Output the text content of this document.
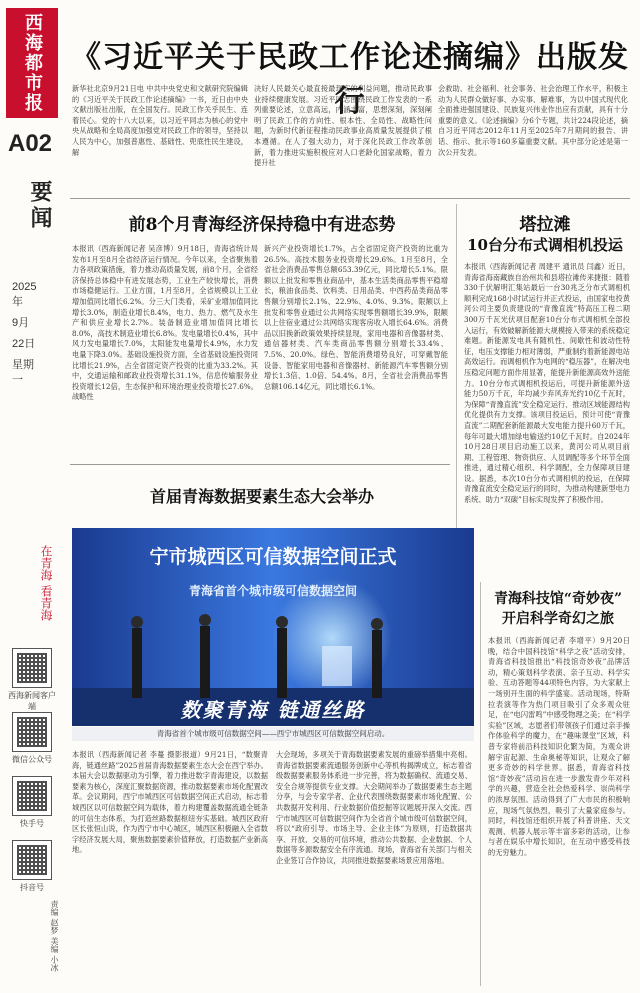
西海都市报
A02
要闻
2025年
9月
22日
星期一
在青海 看青海
西海新闻客户端
微信公众号
快手号
抖音号
责编 赵梦 美编 小冰
《习近平关于民政工作论述摘编》出版发行
新华社北京9月21日电 中共中央党史和文献研究院编辑的《习近平关于民政工作论述摘编》一书，近日由中央文献出版社出版，在全国发行。民政工作关乎民生、连着民心。党的十八大以来，以习近平同志为核心的党中央从战略和全局高度加强党对民政工作的领导，坚持以人民为中心，加强普惠性、基础性、兜底性民生建设，解
决好人民最关心最直接最现实的利益问题，推动民政事业持续健康发展。习近平同志围绕民政工作发表的一系列重要论述，立意高远，内涵丰富，思想深刻，深刻阐明了民政工作的方向性、根本性、全局性、战略性问题，为新时代新征程推动民政事业高质量发展提供了根本遵循。在人了强大动力，对于深化民政工作改革创新，着力推进实施积极应对人口老龄化国家战略，着力提升社
会救助、社会福利、社会事务、社会治理工作水平，积极主动为人民群众做好事、办实事、解难事，为以中国式现代化全面推进强国建设、民族复兴伟业作出应有贡献，具有十分重要的意义。《论述摘编》分6个专题，共计224段论述，摘自习近平同志2012年11月至2025年7月期间的报告、讲话、指示、批示等160多篇重要文献。其中部分论述是第一次公开发表。
前8个月青海经济保持稳中有进态势
本报讯（西海新闻记者 吴彦博）9月18日，青海省统计局发布1月至8月全省经济运行情况。今年以来，全省聚焦着力各项政策措施，着力推动高质量发展，前8个月，全省经济保持总体稳中有进发展态势，工业生产较快增长，消费市场稳健运行。工业方面，1月至8月，全省规模以上工业增加值同比增长6.2%。分三大门类看，采矿业增加值同比增长3.0%，制造业增长8.4%，电力、热力、燃气及水生产和供应业增长2.7%。装备制造业增加值同比增长8.0%，高技术制造业增长6.8%。发电量增长0.4%，其中风力发电量增长7.0%，太阳能发电量增长4.9%，水力发电量下降3.0%。基础设施投资方面，全省基础设施投资同比增长21.9%，占全省固定资产投资的比重为33.2%。其中，交通运输和邮政业投资增长31.1%，信息传输服务业投资增长12倍，生态保护和环境治理业投资增长27.6%。战略性
新兴产业投资增长1.7%，占全省固定资产投资的比重为26.5%。高技术服务业投资增长29.6%。1月至8月，全省社会消费品零售总额653.39亿元，同比增长5.1%。限额以上批发和零售业商品中，基本生活类商品零售平稳增长，粮油食品类、饮料类、日用品类、中西药品类商品零售额分别增长2.1%、22.9%、4.0%、9.3%。限额以上批发和零售业通过公共网络实现零售额增长39.9%，限额以上住宿业通过公共网络实现客房收入增长64.6%。消费品以旧换新政策效果持续显现，家用电器和音像器材类、通信器材类、汽车类商品零售额分别增长33.4%、7.5%、20.0%。绿色、智能消费增势良好，可穿戴智能设备、智能家用电器和音像器材、新能源汽车零售额分别增长1.3倍、1.0倍、54.4%。8月，全省社会消费品零售总额106.14亿元，同比增长6.1%。
塔拉滩
10台分布式调相机投运
本报讯（西海新闻记者 周建平 通讯员 闫鑫）近日，青海省海南藏族自治州共和县塔拉滩传来捷报：随着330千伏解明汇集站最后一台30兆乏分布式调相机顺利完成168小时试运行并正式投运，由国家电投黄河公司主要负责建设的“青豫直流”特高压工程二期300万千瓦光伏项目配套10台分布式调相机全部投入运行，有效破解新能源大规模接入带来的系统稳定难题。新能源发电具有随机性、间歇性和波动性特征，电压支撑能力相对薄弱，严重制约着新能源电站高效运行。而调相机作为电网的“稳压器”，在解决电压稳定问题方面作用显著，能提升新能源高效外送能力。10台分布式调相机投运后，可提升新能源外送能力50万千瓦，年均减少弃风弃光约10亿千瓦时，为保障“青豫直流”安全稳定运行、推动区域能源结构优化提供有力支撑。该项目投运后，预计可使“青豫直流”二期配套新能源最大发电能力提升60万千瓦，每年可最大增加绿电输送约10亿千瓦时。自2024年10月28日项目启动施工以来，黄河公司从项目前期、工程管理、物资供应、人员调配等多个环节全面推进，通过精心组织、科学调配，全力保障项目建设。据悉，本次10台分布式调相机的投运，在保障青豫直流安全稳定运行的同时，为推动构建新型电力系统、助力“双碳”目标实现发挥了积极作用。
首届青海数据要素生态大会举办
宁市城西区可信数据空间正式
青海省首个城市级可信数据空间
数聚青海 链通丝路
青海省首个城市级可信数据空间——西宁市城西区可信数据空间启动。
本报讯（西海新闻记者 李蔓 摄影报道）9月21日，“数聚青海，链通丝路”2025首届青海数据要素生态大会在西宁举办。本届大会以数据驱动为引擎，着力推进数字青海建设，以数据要素为核心，深度汇聚数据资源，推动数据要素市场化配置改革。会议期间，西宁市城西区可信数据空间正式启动，标志着城西区以可信数据空间为载体，着力构建覆盖数据流通全链条的可信生态体系，为打造丝路数据枢纽夯实基础。城西区政府区长张恒山说，作为西宁市中心城区，城西区积极融入全省数字经济发展大局，聚焦数据要素价值释放，打造数据产业新高地。
大会现场，多项关于青海数据要素发展的重磅举措集中亮相。青海省数据要素流通服务创新中心等机构揭牌成立，标志着省级数据要素服务体系进一步完善，将为数据确权、流通交易、安全合规等提供专业支撑。大会期间举办了数据要素生态主题分享，与会专家学者、企业代表围绕数据要素市场化配置、公共数据开发利用、行业数据价值挖掘等议题展开深入交流。西宁市城西区可信数据空间作为全省首个城市级可信数据空间，将以“政府引导、市场主导、企业主体”为原则，打造数据共享、开放、交易的可信环境，推动公共数据、企业数据、个人数据等多源数据安全有序流通。现场，青海省有关部门与相关企业签订合作协议，共同推进数据要素场景应用落地。
青海科技馆“奇妙夜”
开启科学奇幻之旅
本报讯（西海新闻记者 李增平）9月20日晚，结合中国科技馆“科学之夜”活动安排，青海省科技馆推出“科技馆奇妙夜”品牌活动，精心策划科学表演、亲子互动、科学实验、互动答题等44项特色内容，为大家献上一场别开生面的科学盛宴。活动现场，特斯拉表演等作为热门项目吸引了众多观众驻足，在“电闪雷鸣”中感受物理之美；在“科学实验”区域，志愿者们带领孩子们通过亲手操作体验科学的魔力，在“趣味课堂”区域，科普专家将前沿科技知识化繁为简，为观众讲解宇宙起源、生命奥秘等知识，让观众了解更多奇妙的科学世界。据悉，青海省科技馆“奇妙夜”活动旨在进一步激发青少年对科学的兴趣，营造全社会热爱科学、崇尚科学的浓厚氛围。活动得到了广大市民的积极响应，现场气氛热烈，吸引了大量家庭参与。同时，科技馆还组织开展了科普讲座、天文观测、机器人展示等丰富多彩的活动，让参与者在娱乐中增长知识，在互动中感受科技的无穷魅力。
